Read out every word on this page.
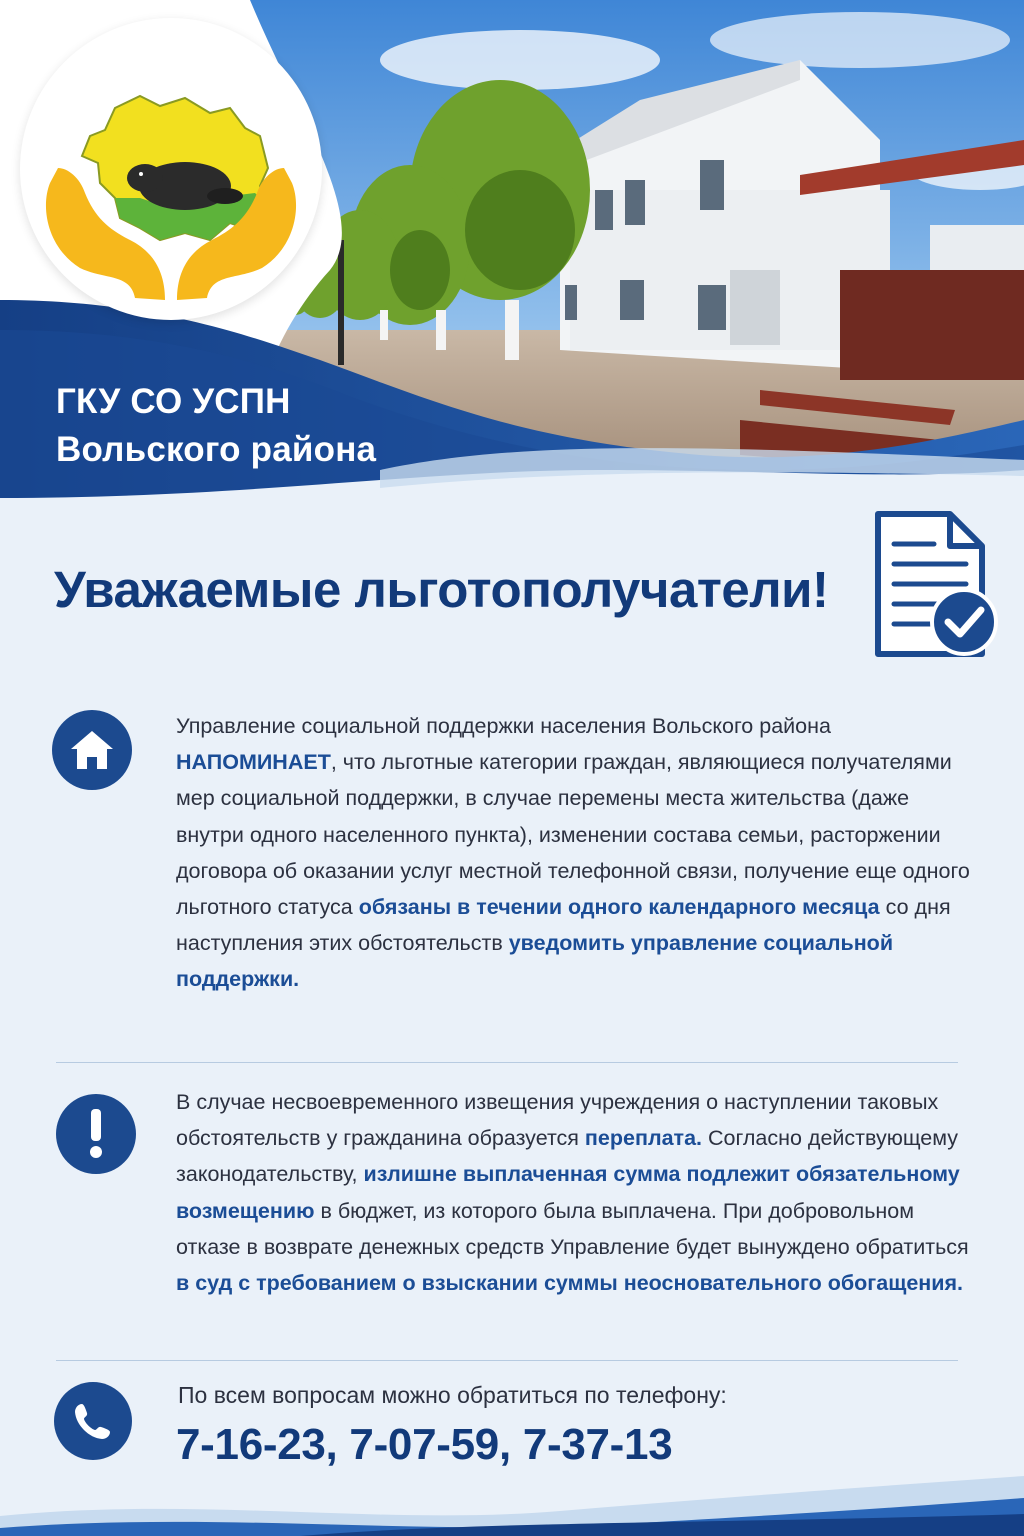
ГКУ СО УСПН
Вольского района
Уважаемые льготополучатели!
Управление социальной поддержки населения Вольского района НАПОМИНАЕТ, что льготные категории граждан, являющиеся получателями мер социальной поддержки, в случае перемены места жительства (даже внутри одного населенного пункта), изменении состава семьи, расторжении договора об оказании услуг местной телефонной связи, получение еще одного льготного статуса обязаны в течении одного календарного месяца со дня наступления этих обстоятельств уведомить управление социальной поддержки.
В случае несвоевременного извещения учреждения о наступлении таковых обстоятельств у гражданина образуется переплата. Согласно действующему законодательству, излишне выплаченная сумма подлежит обязательному возмещению в бюджет, из которого была выплачена. При добровольном отказе в возврате денежных средств Управление будет вынуждено обратиться в суд с требованием о взыскании суммы неосновательного обогащения.
По всем вопросам можно обратиться по телефону:
7-16-23, 7-07-59, 7-37-13
